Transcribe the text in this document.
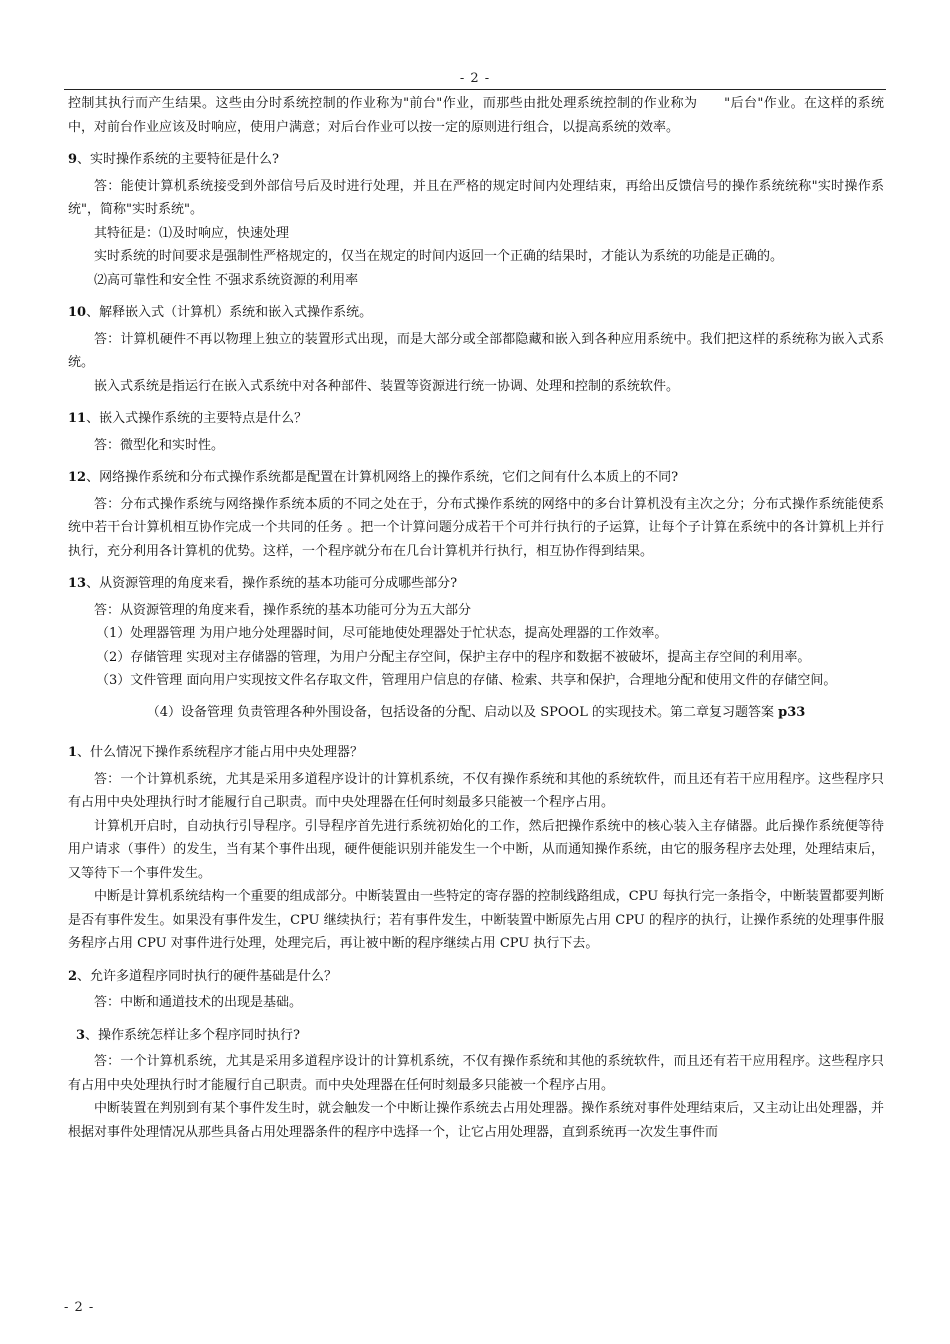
- 2 -

控制其执行而产生结果。这些由分时系统控制的作业称为"前台"作业，而那些由批处理系统控制的作业称为　　"后台"作业。在这样的系统中，对前台作业应该及时响应，使用户满意；对后台作业可以按一定的原则进行组合，以提高系统的效率。

9、实时操作系统的主要特征是什么?

答：能使计算机系统接受到外部信号后及时进行处理，并且在严格的规定时间内处理结束，再给出反馈信号的操作系统统称"实时操作系统"，简称"实时系统"。

其特征是：⑴及时响应，快速处理

实时系统的时间要求是强制性严格规定的，仅当在规定的时间内返回一个正确的结果时，才能认为系统的功能是正确的。

⑵高可靠性和安全性 不强求系统资源的利用率

10、解释嵌入式（计算机）系统和嵌入式操作系统。

答：计算机硬件不再以物理上独立的装置形式出现，而是大部分或全部都隐藏和嵌入到各种应用系统中。我们把这样的系统称为嵌入式系统。

嵌入式系统是指运行在嵌入式系统中对各种部件、装置等资源进行统一协调、处理和控制的系统软件。

11、嵌入式操作系统的主要特点是什么？

答：微型化和实时性。

12、网络操作系统和分布式操作系统都是配置在计算机网络上的操作系统，它们之间有什么本质上的不同?

答：分布式操作系统与网络操作系统本质的不同之处在于，分布式操作系统的网络中的多台计算机没有主次之分；分布式操作系统能使系统中若干台计算机相互协作完成一个共同的任务 。把一个计算问题分成若干个可并行执行的子运算，让每个子计算在系统中的各计算机上并行执行，充分利用各计算机的优势。这样，一个程序就分布在几台计算机并行执行，相互协作得到结果。

13、从资源管理的角度来看，操作系统的基本功能可分成哪些部分?

答：从资源管理的角度来看，操作系统的基本功能可分为五大部分

（1）处理器管理 为用户地分处理器时间，尽可能地使处理器处于忙状态，提高处理器的工作效率。

（2）存储管理 实现对主存储器的管理，为用户分配主存空间，保护主存中的程序和数据不被破坏，提高主存空间的利用率。

（3）文件管理 面向用户实现按文件名存取文件，管理用户信息的存储、检索、共享和保护，合理地分配和使用文件的存储空间。

（4）设备管理 负责管理各种外围设备，包括设备的分配、启动以及 SPOOL 的实现技术。第二章复习题答案 p33

1、什么情况下操作系统程序才能占用中央处理器？

答：一个计算机系统，尤其是采用多道程序设计的计算机系统，不仅有操作系统和其他的系统软件，而且还有若干应用程序。这些程序只有占用中央处理执行时才能履行自己职责。而中央处理器在任何时刻最多只能被一个程序占用。

计算机开启时，自动执行引导程序。引导程序首先进行系统初始化的工作，然后把操作系统中的核心装入主存储器。此后操作系统便等待用户请求（事件）的发生，当有某个事件出现，硬件便能识别并能发生一个中断，从而通知操作系统，由它的服务程序去处理，处理结束后，又等待下一个事件发生。

中断是计算机系统结构一个重要的组成部分。中断装置由一些特定的寄存器的控制线路组成，CPU 每执行完一条指令，中断装置都要判断是否有事件发生。如果没有事件发生，CPU 继续执行；若有事件发生，中断装置中断原先占用 CPU 的程序的执行，让操作系统的处理事件服务程序占用 CPU 对事件进行处理，处理完后，再让被中断的程序继续占用 CPU 执行下去。

2、允许多道程序同时执行的硬件基础是什么？

答：中断和通道技术的出现是基础。

3、操作系统怎样让多个程序同时执行?

答：一个计算机系统，尤其是采用多道程序设计的计算机系统，不仅有操作系统和其他的系统软件，而且还有若干应用程序。这些程序只有占用中央处理执行时才能履行自己职责。而中央处理器在任何时刻最多只能被一个程序占用。

中断装置在判别到有某个事件发生时，就会触发一个中断让操作系统去占用处理器。操作系统对事件处理结束后，又主动让出处理器，并根据对事件处理情况从那些具备占用处理器条件的程序中选择一个，让它占用处理器，直到系统再一次发生事件而

- 2 -
